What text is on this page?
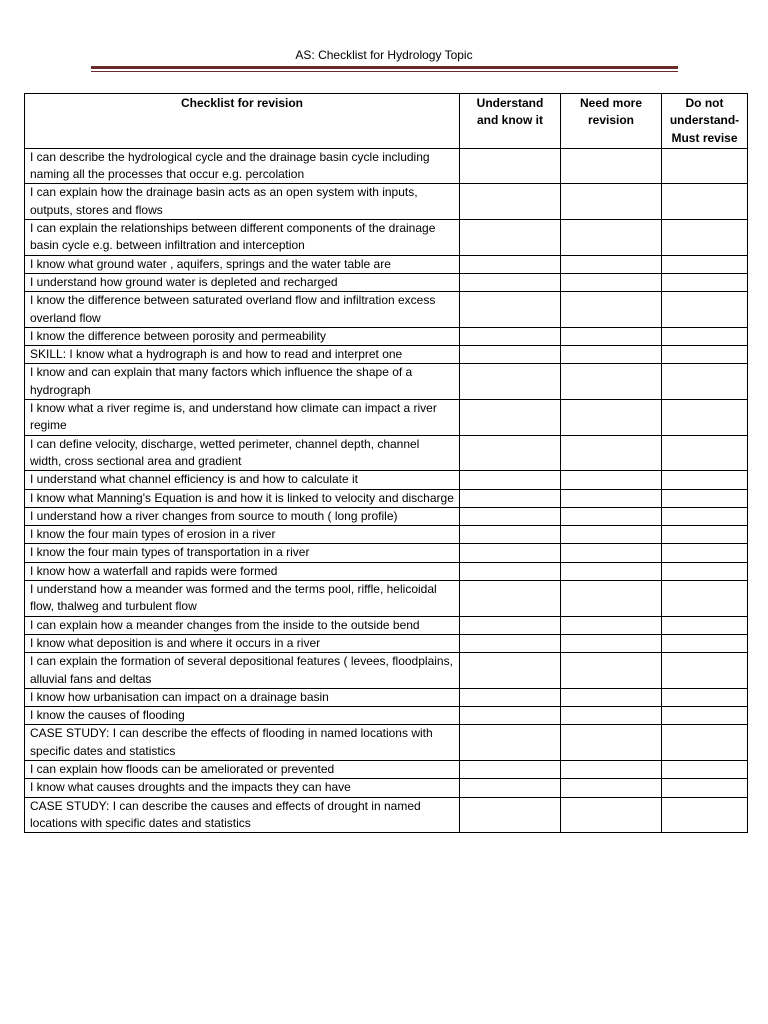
AS: Checklist for Hydrology Topic
Checklist for revision	Understand and know it	Need more revision	Do not understand- Must revise
I can describe the hydrological cycle and the drainage basin cycle including naming all the processes that occur e.g. percolation			
I can explain how the drainage basin acts as an open system with inputs, outputs, stores and flows			
I can explain the relationships between different components of the drainage basin cycle e.g. between infiltration and interception			
I know what ground water , aquifers, springs and the water table are			
I understand how ground water is depleted and recharged			
I know the difference between saturated overland flow and infiltration excess overland flow			
I know the difference between porosity and permeability			
SKILL: I know what a hydrograph is and how to read and interpret one			
I know and can explain that many factors which influence the shape of a hydrograph			
I know what a river regime is, and understand how climate can impact a river regime			
I can define velocity, discharge, wetted perimeter, channel depth, channel width, cross sectional area and gradient			
I understand what channel efficiency is and how to calculate it			
I know what Manning's Equation is and how it is linked to velocity and discharge			
I understand how a river changes from source to mouth ( long profile)			
I know the four main types of erosion in a river			
I know the four main types of transportation in a river			
I know how a waterfall and rapids were formed			
I understand how a meander was formed and the terms pool, riffle, helicoidal flow, thalweg and turbulent flow			
I can explain how a meander changes from the inside to the outside bend			
I know what deposition is and where it occurs in a river			
I can explain the formation of several depositional features ( levees, floodplains, alluvial fans and deltas			
I know how urbanisation can impact on a drainage basin			
I know the causes of flooding			
CASE STUDY: I can describe the effects of flooding in named locations with specific dates and statistics			
I can explain how floods can be ameliorated or prevented			
I know what causes droughts and the impacts they can have			
CASE STUDY: I can describe the causes and effects of drought in named locations with specific dates and statistics			
